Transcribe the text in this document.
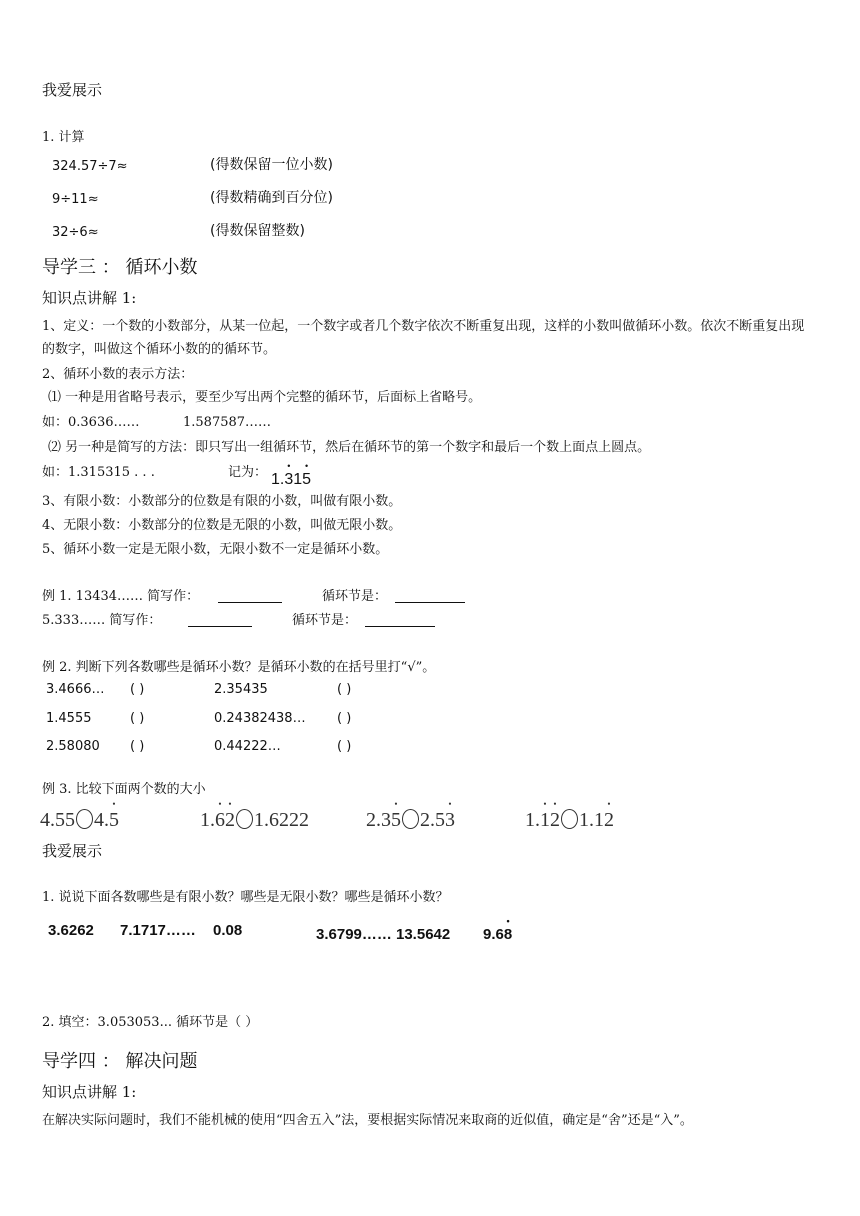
我爱展示
1. 计算
324.57÷7≈	(得数保留一位小数)
9÷11≈	(得数精确到百分位)
32÷6≈	(得数保留整数)
导学三 ： 循环小数
知识点讲解 1:
1、定义：一个数的小数部分，从某一位起，一个数字或者几个数字依次不断重复出现，这样的小数叫做循环小数。依次不断重复出现的数字，叫做这个循环小数的的循环节。
2、循环小数的表示方法：
⑴ 一种是用省略号表示，要至少写出两个完整的循环节，后面标上省略号。
如：0.3636……	1.587587……
⑵ 另一种是简写的方法：即只写出一组循环节，然后在循环节的第一个数字和最后一个数上面点上圆点。
如：1.315315 . . .	记为： 1.• 31• 5
3、有限小数：小数部分的位数是有限的小数，叫做有限小数。
4、无限小数：小数部分的位数是无限的小数，叫做无限小数。
5、循环小数一定是无限小数，无限小数不一定是循环小数。
例 1. 13434…… 简写作：	循环节是：
5.333…… 简写作：	循环节是：
例 2. 判断下列各数哪些是循环小数？是循环小数的在括号里打“√”。
3.4666… ( )	2.35435	( )
1.4555	( )	0.24382438… ( )
2.58080 ( )	0.44222…	( )
例 3. 比较下面两个数的大小
4.55 4.• 5	1.• 6• 2 1.6222	2.3• 5 2.5• 3	1.• 1• 2 1.1• 2
我爱展示
1. 说说下面各数哪些是有限小数？哪些是无限小数？哪些是循环小数？
3.6262 7.1717…… 0.08	3.6799…… 13.5642 9.6• 8
2. 填空：3.053053... 循环节是（ ）
导学四 ： 解决问题
知识点讲解 1:
在解决实际问题时，我们不能机械的使用“四舍五入”法，要根据实际情况来取商的近似值，确定是“舍”还是“入”。
